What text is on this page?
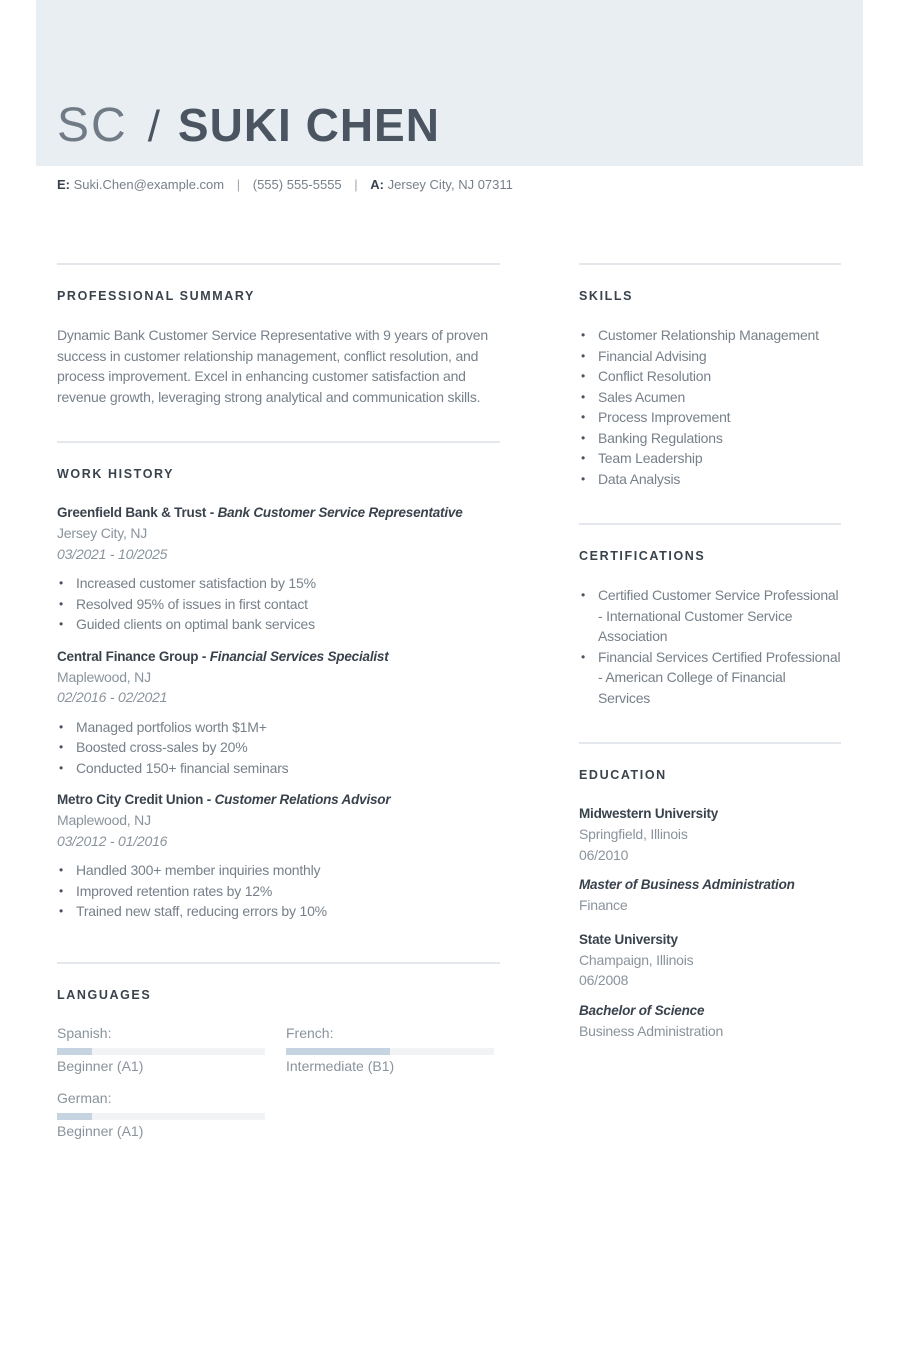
SC / SUKI CHEN
E: Suki.Chen@example.com | (555) 555-5555 | A: Jersey City, NJ 07311
PROFESSIONAL SUMMARY

Dynamic Bank Customer Service Representative with 9 years of proven success in customer relationship management, conflict resolution, and process improvement. Excel in enhancing customer satisfaction and revenue growth, leveraging strong analytical and communication skills.

WORK HISTORY
Greenfield Bank & Trust - Bank Customer Service Representative
Jersey City, NJ
03/2021 - 10/2025
• Increased customer satisfaction by 15%
• Resolved 95% of issues in first contact
• Guided clients on optimal bank services
Central Finance Group - Financial Services Specialist
Maplewood, NJ
02/2016 - 02/2021
• Managed portfolios worth $1M+
• Boosted cross-sales by 20%
• Conducted 150+ financial seminars
Metro City Credit Union - Customer Relations Advisor
Maplewood, NJ
03/2012 - 01/2016
• Handled 300+ member inquiries monthly
• Improved retention rates by 12%
• Trained new staff, reducing errors by 10%
LANGUAGES
Spanish:
Beginner (A1)
French:
Intermediate (B1)
German:
Beginner (A1)
SKILLS
• Customer Relationship Management
• Financial Advising
• Conflict Resolution
• Sales Acumen
• Process Improvement
• Banking Regulations
• Team Leadership
• Data Analysis
CERTIFICATIONS
• Certified Customer Service Professional - International Customer Service Association
• Financial Services Certified Professional - American College of Financial Services
EDUCATION
Midwestern University
Springfield, Illinois
06/2010
Master of Business Administration
Finance
State University
Champaign, Illinois
06/2008
Bachelor of Science
Business Administration
